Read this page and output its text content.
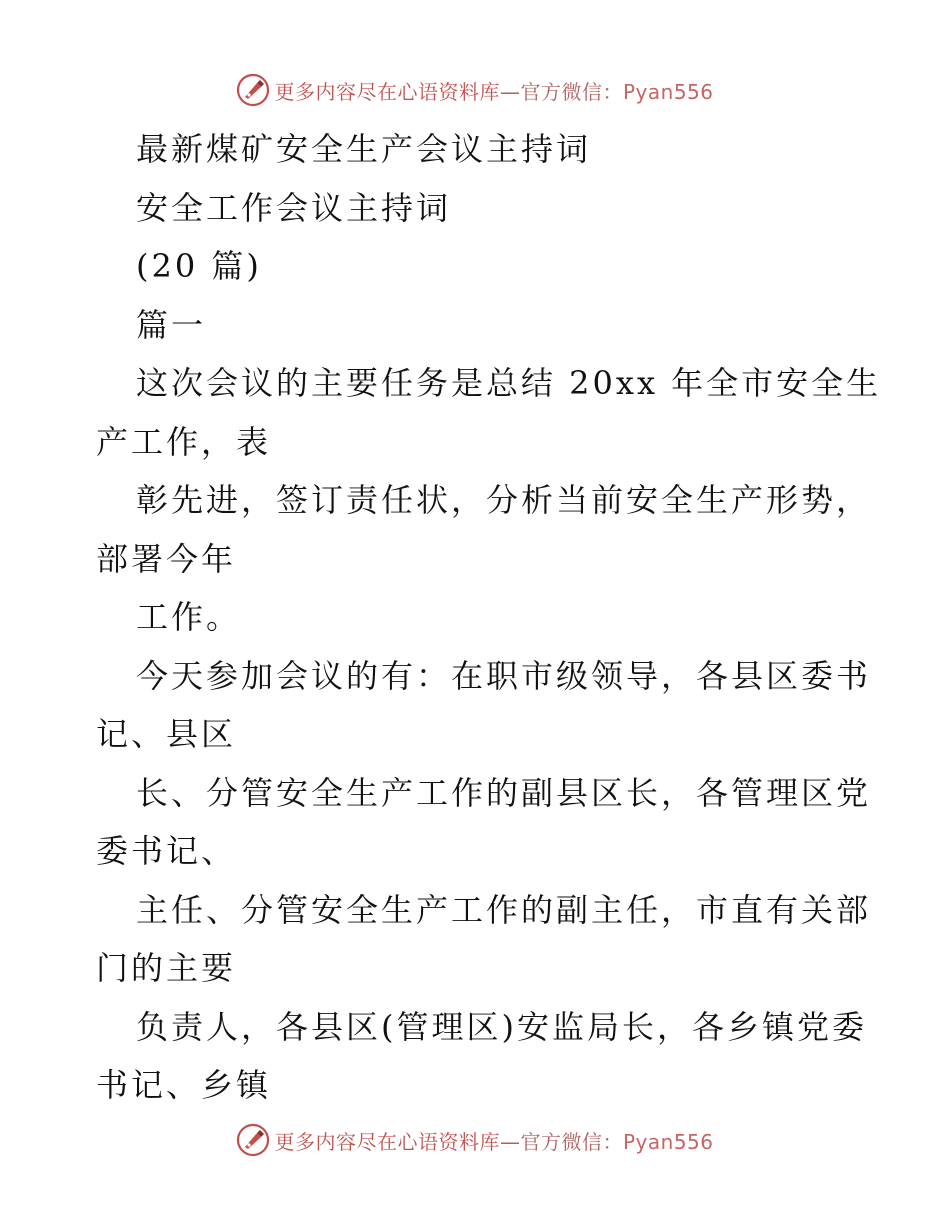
更多内容尽在心语资料库—官方微信：Pyan556
最新煤矿安全生产会议主持词
安全工作会议主持词
(20 篇)
篇一
这次会议的主要任务是总结 20xx 年全市安全生
产工作，表
彰先进，签订责任状，分析当前安全生产形势，
部署今年
工作。
今天参加会议的有：在职市级领导，各县区委书
记、县区
长、分管安全生产工作的副县区长，各管理区党
委书记、
主任、分管安全生产工作的副主任，市直有关部
门的主要
负责人，各县区(管理区)安监局长，各乡镇党委
书记、乡镇
更多内容尽在心语资料库—官方微信：Pyan556
